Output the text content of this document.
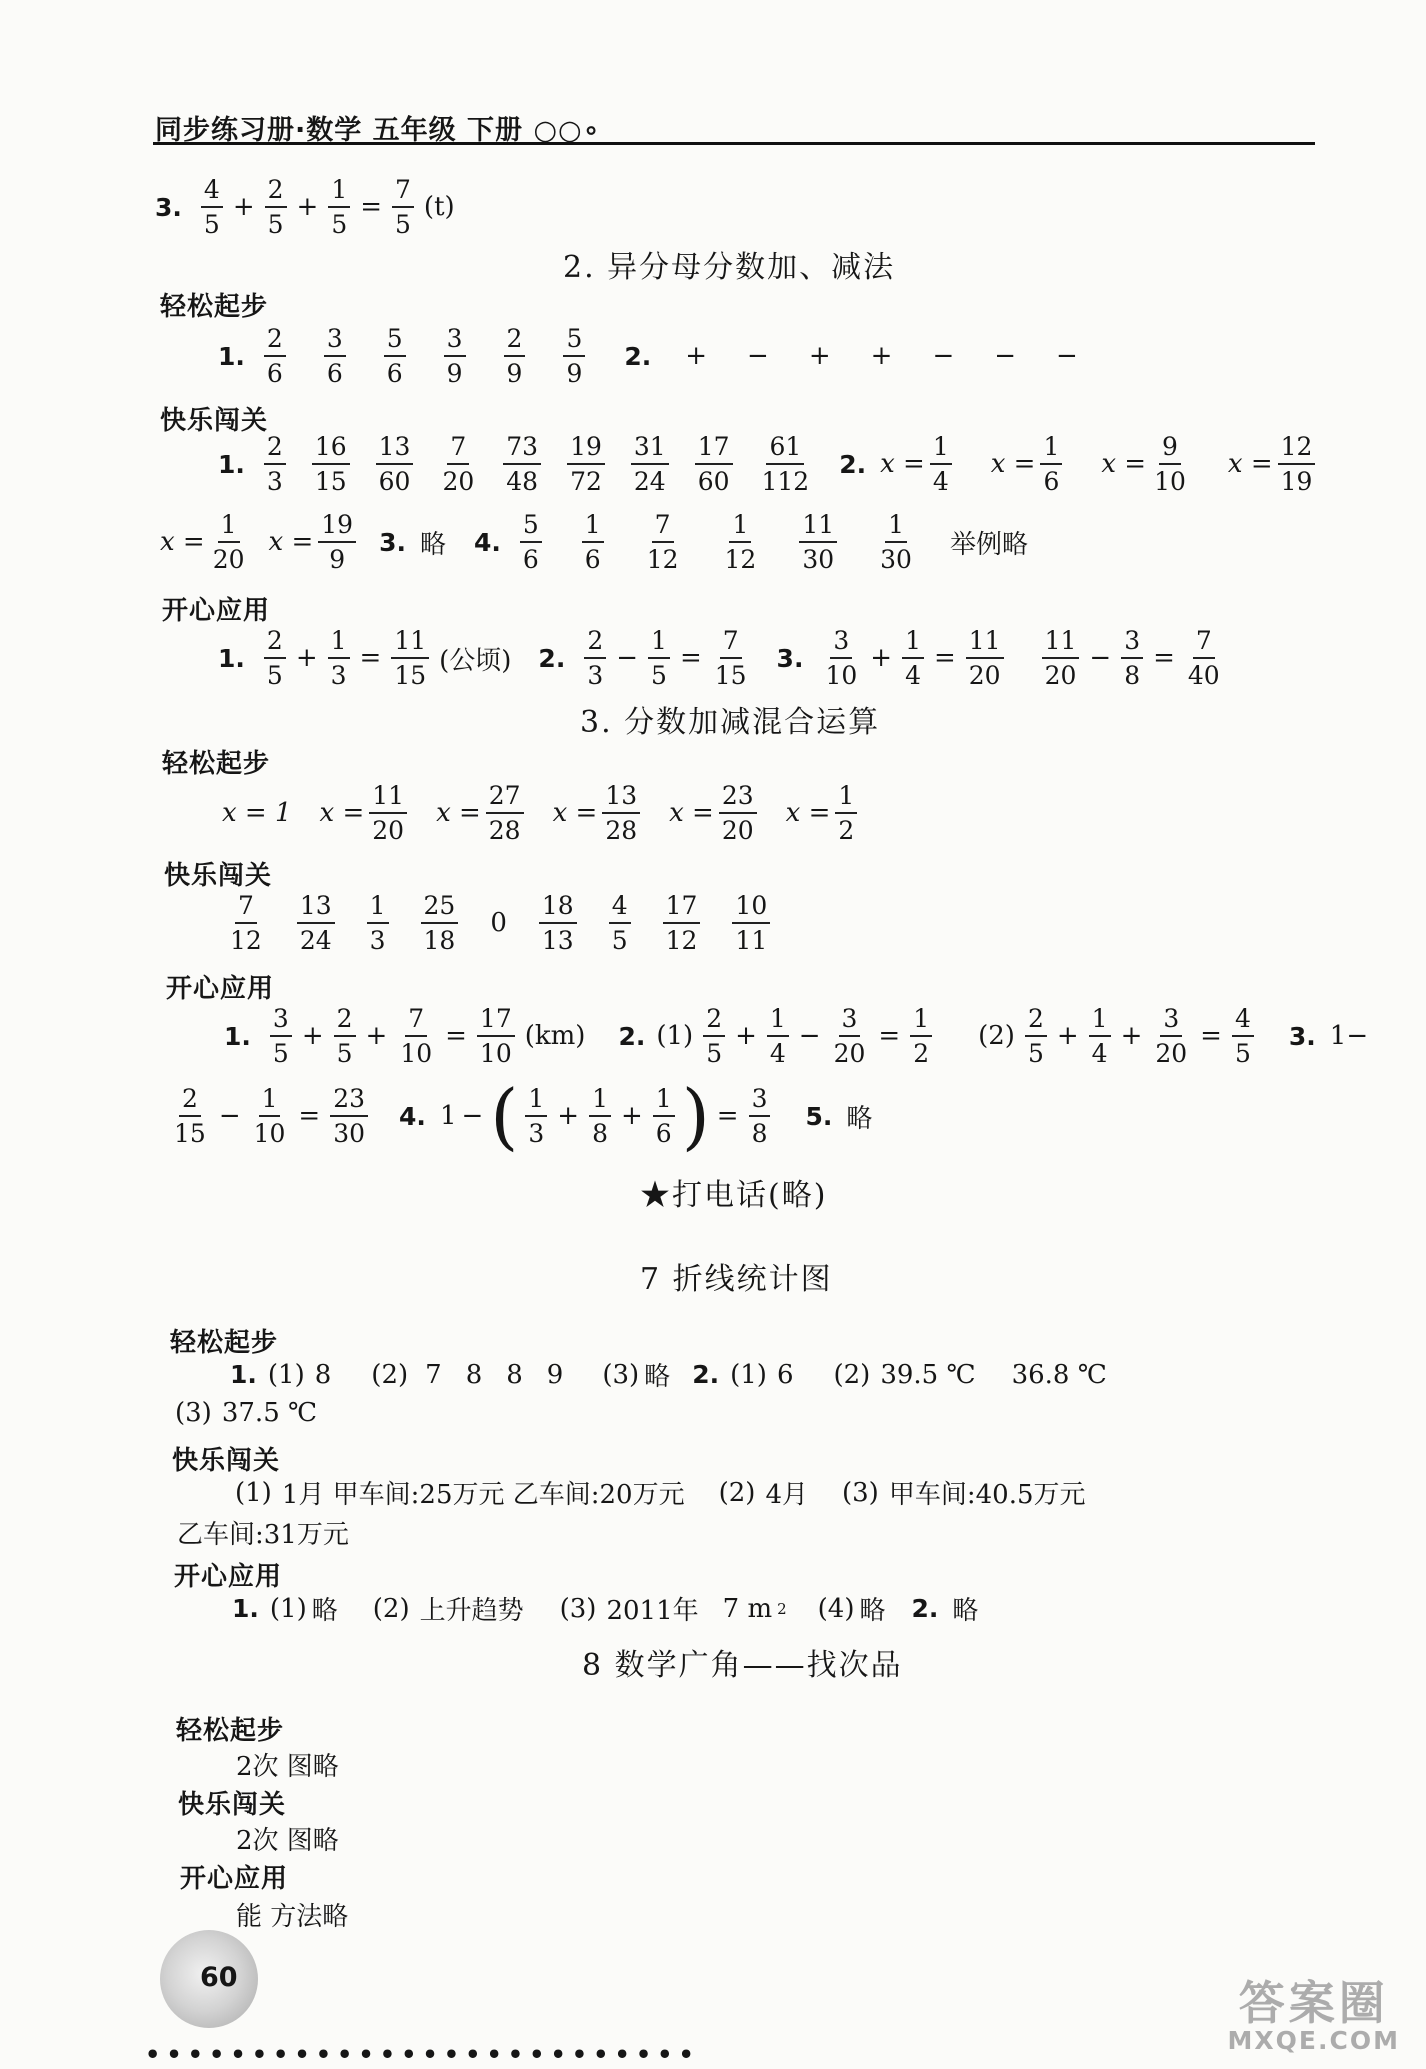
同步练习册·数学 五年级 下册 ○○∘
3. $\frac{4}{5} + \frac{2}{5} + \frac{1}{5} = \frac{7}{5} (t)$
2. 异分母分数加、减法
轻松起步
1. $\frac{2}{6} \frac{3}{6} \frac{5}{6} \frac{3}{9} \frac{2}{9} \frac{5}{9} 2$. + − + + − − −
快乐闯关
1. $\frac{2}{3} \frac{16}{15} \frac{13}{60} \frac{7}{20} \frac{73}{48} \frac{19}{72} \frac{31}{24} \frac{17}{60} \frac{61}{112} 2$. $x = \frac{1}{4}$ $x = \frac{1}{6}$ $x = \frac{9}{10}$ $x = \frac{12}{19}$
$x = \frac{1}{20}$ $x = \frac{19}{9} 3$. 略 4. $\frac{5}{6} \frac{1}{6} \frac{7}{12} \frac{1}{12} \frac{11}{30} \frac{1}{30}$ 举例略
开心应用
1. $\frac{2}{5} + \frac{1}{3} = \frac{11}{15}$ (公顷) 2. $\frac{2}{3} - \frac{1}{5} = \frac{7}{15} 3$. $\frac{3}{10} + \frac{1}{4} = \frac{11}{20} \frac{11}{20} - \frac{3}{8} = \frac{7}{40}$
3. 分数加减混合运算
轻松起步
x = 1 $x = \frac{11}{20}$ $x = \frac{27}{28}$ $x = \frac{13}{28}$ $x = \frac{23}{20}$ $x = \frac{1}{2}$
快乐闯关
$\frac{7}{12} \frac{13}{24} \frac{1}{3} \frac{25}{18} 0 \frac{18}{13} \frac{4}{5} \frac{17}{12} \frac{10}{11}$
开心应用
1. $\frac{3}{5} + \frac{2}{5} + \frac{7}{10} = \frac{17}{10} (km)$ 2. $(1) \frac{2}{5} + \frac{1}{4} - \frac{3}{20} = \frac{1}{2} (2) \frac{2}{5} + \frac{1}{4} + \frac{3}{20} = \frac{4}{5} 3$. 1−
$\frac{2}{15} - \frac{1}{10} = \frac{23}{30} 4$. 1 − ( $\frac{1}{3} + \frac{1}{8} + \frac{1}{6}$ ) = $\frac{3}{8} 5$. 略
★打电话(略)
7 折线统计图
轻松起步
1. (1) 8 (2) 7 8 8 9 (3) 略 2. (1) 6 (2) 39.5 ℃ 36.8 ℃
(3) 37.5 ℃
快乐闯关
(1) 1月 甲车间:25万元 乙车间:20万元 (2) 4月 (3) 甲车间:40.5万元
乙车间:31万元
开心应用
1. (1) 略 (2) 上升趋势 (3) 2011年 7 m 2 (4) 略 2. 略
8 数学广角——找次品
轻松起步
2次 图略
快乐闯关
2次 图略
开心应用
能 方法略
60
••••••••••••••••••••••••••
答案圈
MXQE.COM
